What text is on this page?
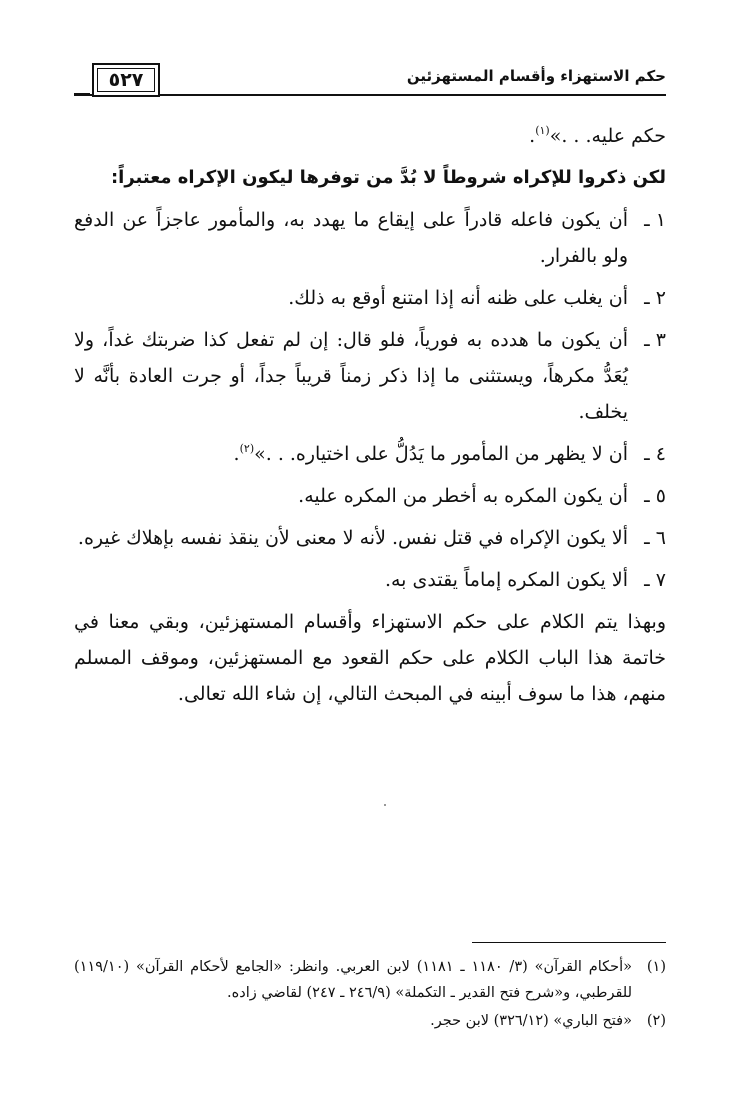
٥٢٧	حكم الاستهزاء وأقسام المستهزئين

حكم عليه. . .»$^{(١)}$.

لكن ذكروا للإكراه شروطاً لا بُدَّ من توفرها ليكون الإكراه معتبراً:

١ ـ
أن يكون فاعله قادراً على إيقاع ما يهدد به، والمأمور عاجزاً عن الدفع ولو بالفرار.
٢ ـ
أن يغلب على ظنه أنه إذا امتنع أوقع به ذلك.
٣ ـ
أن يكون ما هدده به فورياً، فلو قال: إن لم تفعل كذا ضربتك غداً، ولا يُعَدُّ مكرهاً، ويستثنى ما إذا ذكر زمناً قريباً جداً، أو جرت العادة بأنَّه لا يخلف.
٤ ـ
أن لا يظهر من المأمور ما يَدُلُّ على اختياره. . .»$^{(٢)}$.
٥ ـ
أن يكون المكره به أخطر من المكره عليه.
٦ ـ
ألا يكون الإكراه في قتل نفس. لأنه لا معنى لأن ينقذ نفسه بإهلاك غيره.
٧ ـ
ألا يكون المكره إماماً يقتدى به.

وبهذا يتم الكلام على حكم الاستهزاء وأقسام المستهزئين، وبقي معنا في خاتمة هذا الباب الكلام على حكم القعود مع المستهزئين، وموقف المسلم منهم، هذا ما سوف أبينه في المبحث التالي، إن شاء الله تعالى.

(١)
«أحكام القرآن» (٣/ ١١٨٠ ـ ١١٨١) لابن العربي. وانظر: «الجامع لأحكام القرآن» (١١٩/١٠) للقرطبي، و«شرح فتح القدير ـ التكملة» (٢٤٦/٩ ـ ٢٤٧) لقاضي زاده.
(٢)
«فتح الباري» (٣٢٦/١٢) لابن حجر.
